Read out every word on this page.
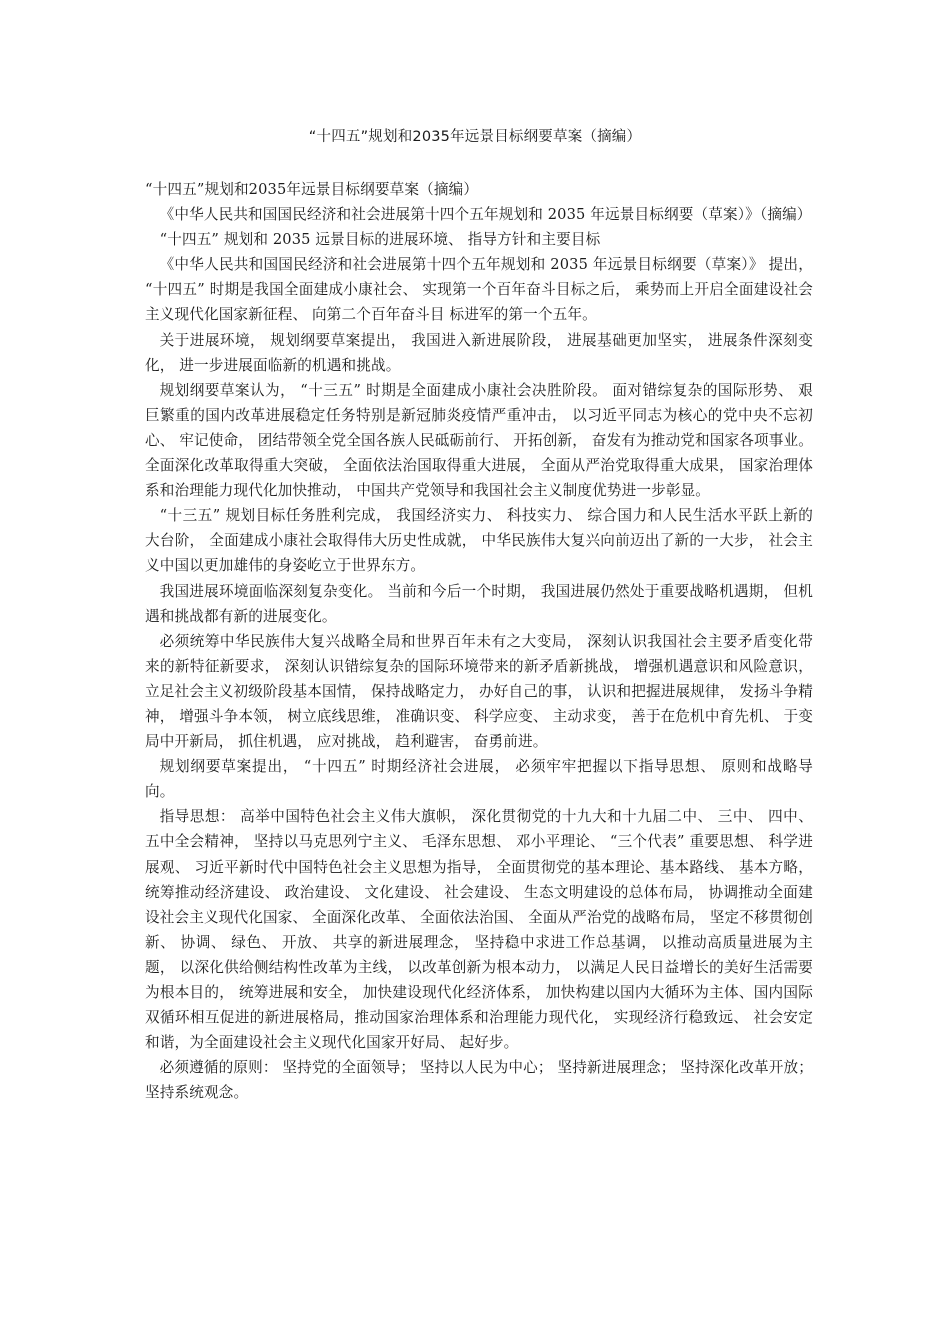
“十四五”规划和2035年远景目标纲要草案（摘编）

“十四五”规划和2035年远景目标纲要草案（摘编）

《中华人民共和国国民经济和社会进展第十四个五年规划和 2035 年远景目标纲要（草案）》（摘编）

“十四五” 规划和 2035 远景目标的进展环境、 指导方针和主要目标

《中华人民共和国国民经济和社会进展第十四个五年规划和 2035 年远景目标纲要（草案）》 提出， “十四五” 时期是我国全面建成小康社会、 实现第一个百年奋斗目标之后， 乘势而上开启全面建设社会主义现代化国家新征程、 向第二个百年奋斗目 标进军的第一个五年。

关于进展环境， 规划纲要草案提出， 我国进入新进展阶段， 进展基础更加坚实， 进展条件深刻变化， 进一步进展面临新的机遇和挑战。

规划纲要草案认为， “十三五” 时期是全面建成小康社会决胜阶段。 面对错综复杂的国际形势、 艰巨繁重的国内改革进展稳定任务特别是新冠肺炎疫情严重冲击， 以习近平同志为核心的党中央不忘初心、 牢记使命， 团结带领全党全国各族人民砥砺前行、 开拓创新， 奋发有为推动党和国家各项事业。 全面深化改革取得重大突破， 全面依法治国取得重大进展， 全面从严治党取得重大成果， 国家治理体系和治理能力现代化加快推动， 中国共产党领导和我国社会主义制度优势进一步彰显。

“十三五” 规划目标任务胜利完成， 我国经济实力、 科技实力、 综合国力和人民生活水平跃上新的大台阶， 全面建成小康社会取得伟大历史性成就， 中华民族伟大复兴向前迈出了新的一大步， 社会主义中国以更加雄伟的身姿屹立于世界东方。

我国进展环境面临深刻复杂变化。 当前和今后一个时期， 我国进展仍然处于重要战略机遇期， 但机遇和挑战都有新的进展变化。

必须统筹中华民族伟大复兴战略全局和世界百年未有之大变局， 深刻认识我国社会主要矛盾变化带来的新特征新要求， 深刻认识错综复杂的国际环境带来的新矛盾新挑战， 增强机遇意识和风险意识， 立足社会主义初级阶段基本国情， 保持战略定力， 办好自己的事， 认识和把握进展规律， 发扬斗争精神， 增强斗争本领， 树立底线思维， 准确识变、 科学应变、 主动求变， 善于在危机中育先机、 于变局中开新局， 抓住机遇， 应对挑战， 趋利避害， 奋勇前进。

规划纲要草案提出， “十四五” 时期经济社会进展， 必须牢牢把握以下指导思想、 原则和战略导向。

指导思想： 高举中国特色社会主义伟大旗帜， 深化贯彻党的十九大和十九届二中、 三中、 四中、 五中全会精神， 坚持以马克思列宁主义、 毛泽东思想、 邓小平理论、 “三个代表” 重要思想、 科学进展观、 习近平新时代中国特色社会主义思想为指导， 全面贯彻党的基本理论、基本路线、 基本方略， 统筹推动经济建设、 政治建设、 文化建设、 社会建设、 生态文明建设的总体布局， 协调推动全面建设社会主义现代化国家、 全面深化改革、 全面依法治国、 全面从严治党的战略布局， 坚定不移贯彻创新、 协调、 绿色、 开放、 共享的新进展理念， 坚持稳中求进工作总基调， 以推动高质量进展为主题， 以深化供给侧结构性改革为主线， 以改革创新为根本动力， 以满足人民日益增长的美好生活需要为根本目的， 统筹进展和安全， 加快建设现代化经济体系， 加快构建以国内大循环为主体、国内国际双循环相互促进的新进展格局，推动国家治理体系和治理能力现代化， 实现经济行稳致远、 社会安定和谐，为全面建设社会主义现代化国家开好局、 起好步。

必须遵循的原则： 坚持党的全面领导； 坚持以人民为中心； 坚持新进展理念； 坚持深化改革开放； 坚持系统观念。
